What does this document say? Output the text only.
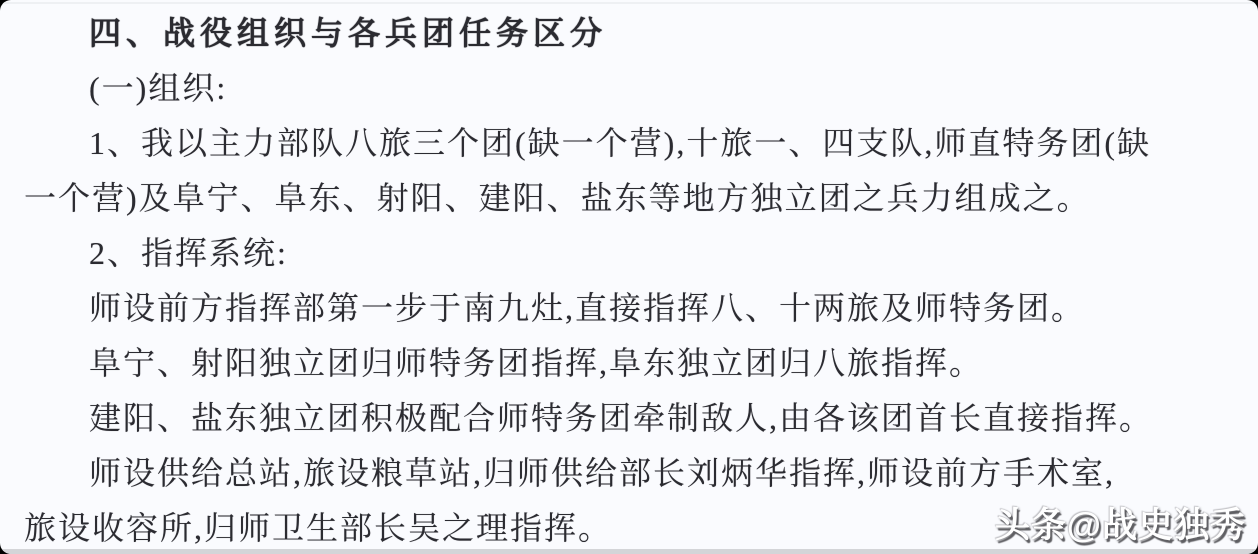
四、战役组织与各兵团任务区分
(一)组织:
1、我以主力部队八旅三个团(缺一个营),十旅一、四支队,师直特务团(缺
一个营)及阜宁、阜东、射阳、建阳、盐东等地方独立团之兵力组成之。
2、指挥系统:
师设前方指挥部第一步于南九灶,直接指挥八、十两旅及师特务团。
阜宁、射阳独立团归师特务团指挥,阜东独立团归八旅指挥。
建阳、盐东独立团积极配合师特务团牵制敌人,由各该团首长直接指挥。
师设供给总站,旅设粮草站,归师供给部长刘炳华指挥,师设前方手术室,
旅设收容所,归师卫生部长吴之理指挥。	头条@战史独秀
